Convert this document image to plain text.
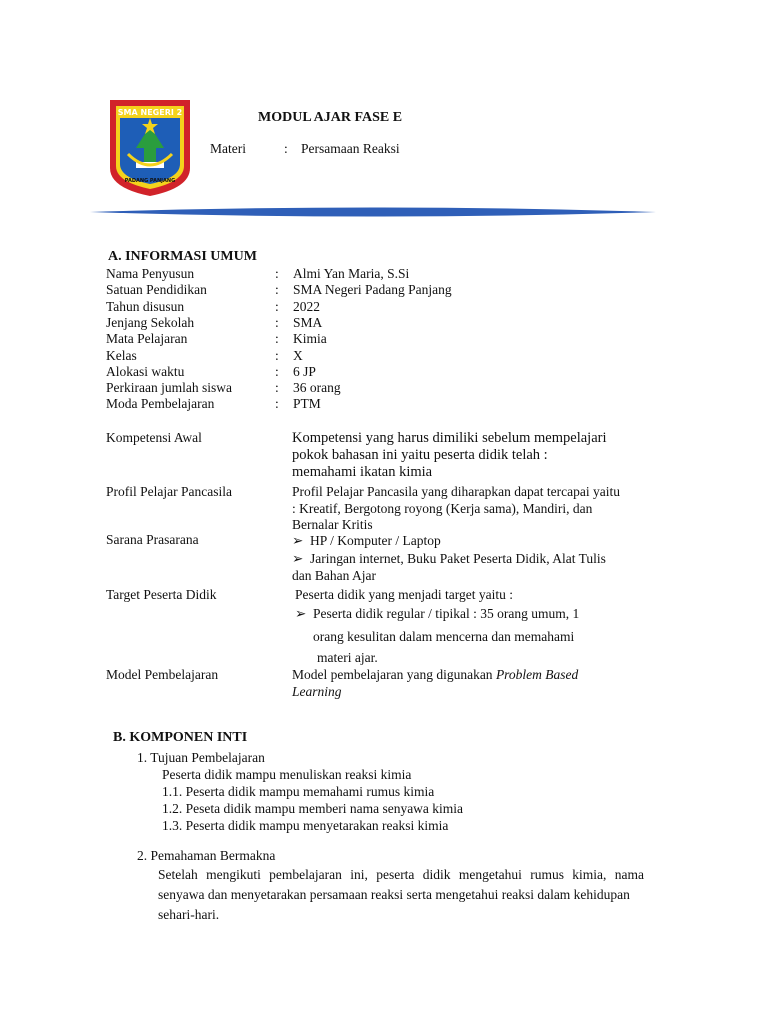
SMA NEGERI 2
PADANG PANJANG
MODUL AJAR FASE E
Materi	: Persamaan Reaksi
A. INFORMASI UMUM
Nama Penyusun	: Almi Yan Maria, S.Si
Satuan Pendidikan	: SMA Negeri Padang Panjang
Tahun disusun	: 2022
Jenjang Sekolah	: SMA
Mata Pelajaran	: Kimia
Kelas	: X
Alokasi waktu	: 6 JP
Perkiraan jumlah siswa	: 36 orang
Moda Pembelajaran	: PTM
Kompetensi Awal	Kompetensi yang harus dimiliki sebelum mempelajari
pokok bahasan ini yaitu peserta didik telah :
memahami ikatan kimia
Profil Pelajar Pancasila	Profil Pelajar Pancasila yang diharapkan dapat tercapai yaitu
: Kreatif, Bergotong royong (Kerja sama), Mandiri, dan
Bernalar Kritis
Sarana Prasarana	➢ HP / Komputer / Laptop
➢ Jaringan internet, Buku Paket Peserta Didik, Alat Tulis
dan Bahan Ajar
Target Peserta Didik	Peserta didik yang menjadi target yaitu :
➢ Peserta didik regular / tipikal : 35 orang umum, 1
orang kesulitan dalam mencerna dan memahami
materi ajar.
Model Pembelajaran	Model pembelajaran yang digunakan Problem Based
Learning
B. KOMPONEN INTI
1. Tujuan Pembelajaran
Peserta didik mampu menuliskan reaksi kimia
1.1. Peserta didik mampu memahami rumus kimia
1.2. Peseta didik mampu memberi nama senyawa kimia
1.3. Peserta didik mampu menyetarakan reaksi kimia
2. Pemahaman Bermakna
Setelah mengikuti pembelajaran ini, peserta didik mengetahui rumus kimia, nama
senyawa dan menyetarakan persamaan reaksi serta mengetahui reaksi dalam kehidupan
sehari-hari.
